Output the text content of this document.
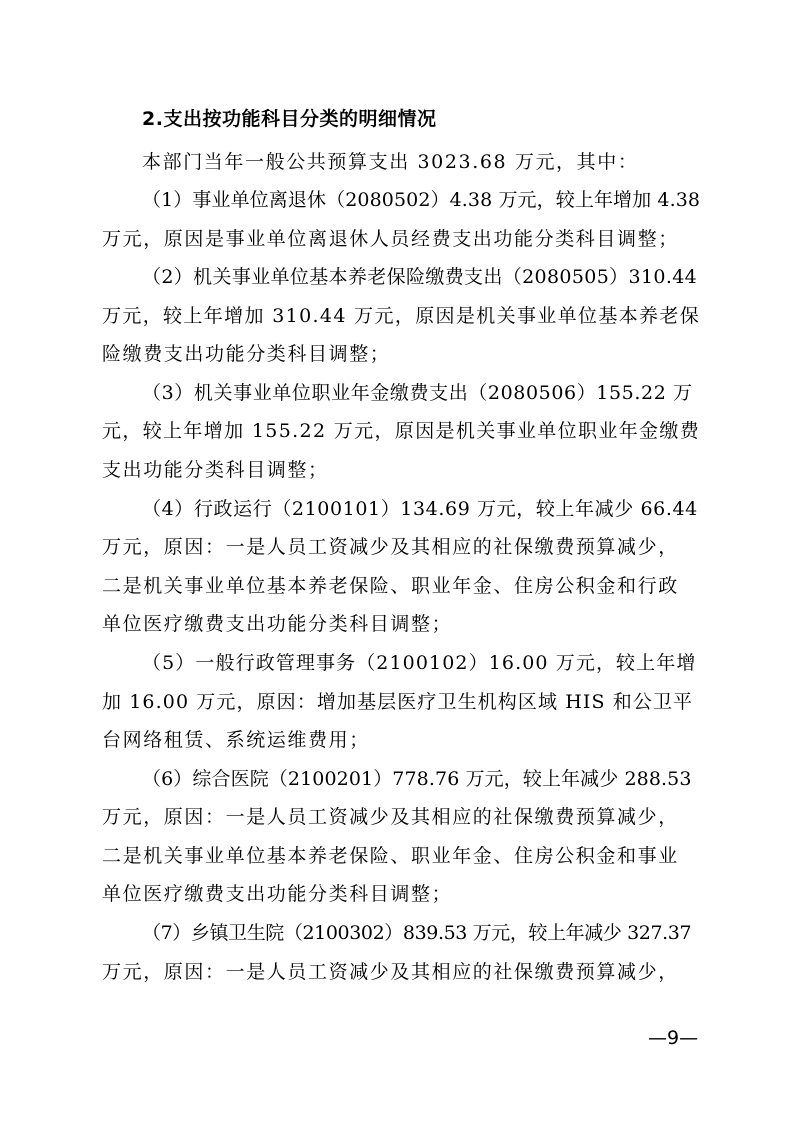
2.支出按功能科目分类的明细情况
本部门当年一般公共预算支出 3023.68 万元，其中：
（1）事业单位离退休（2080502）4.38 万元，较上年增加 4.38
万元，原因是事业单位离退休人员经费支出功能分类科目调整；
（2）机关事业单位基本养老保险缴费支出（2080505）310.44
万元，较上年增加 310.44 万元，原因是机关事业单位基本养老保
险缴费支出功能分类科目调整；
（3）机关事业单位职业年金缴费支出（2080506）155.22 万
元，较上年增加 155.22 万元，原因是机关事业单位职业年金缴费
支出功能分类科目调整；
（4）行政运行（2100101）134.69 万元，较上年减少 66.44
万元，原因：一是人员工资减少及其相应的社保缴费预算减少，
二是机关事业单位基本养老保险、职业年金、住房公积金和行政
单位医疗缴费支出功能分类科目调整；
（5）一般行政管理事务（2100102）16.00 万元，较上年增
加 16.00 万元，原因：增加基层医疗卫生机构区域 HIS 和公卫平
台网络租赁、系统运维费用；
（6）综合医院（2100201）778.76 万元，较上年减少 288.53
万元，原因：一是人员工资减少及其相应的社保缴费预算减少，
二是机关事业单位基本养老保险、职业年金、住房公积金和事业
单位医疗缴费支出功能分类科目调整；
（7）乡镇卫生院（2100302）839.53 万元，较上年减少 327.37
万元，原因：一是人员工资减少及其相应的社保缴费预算减少，
—9—
